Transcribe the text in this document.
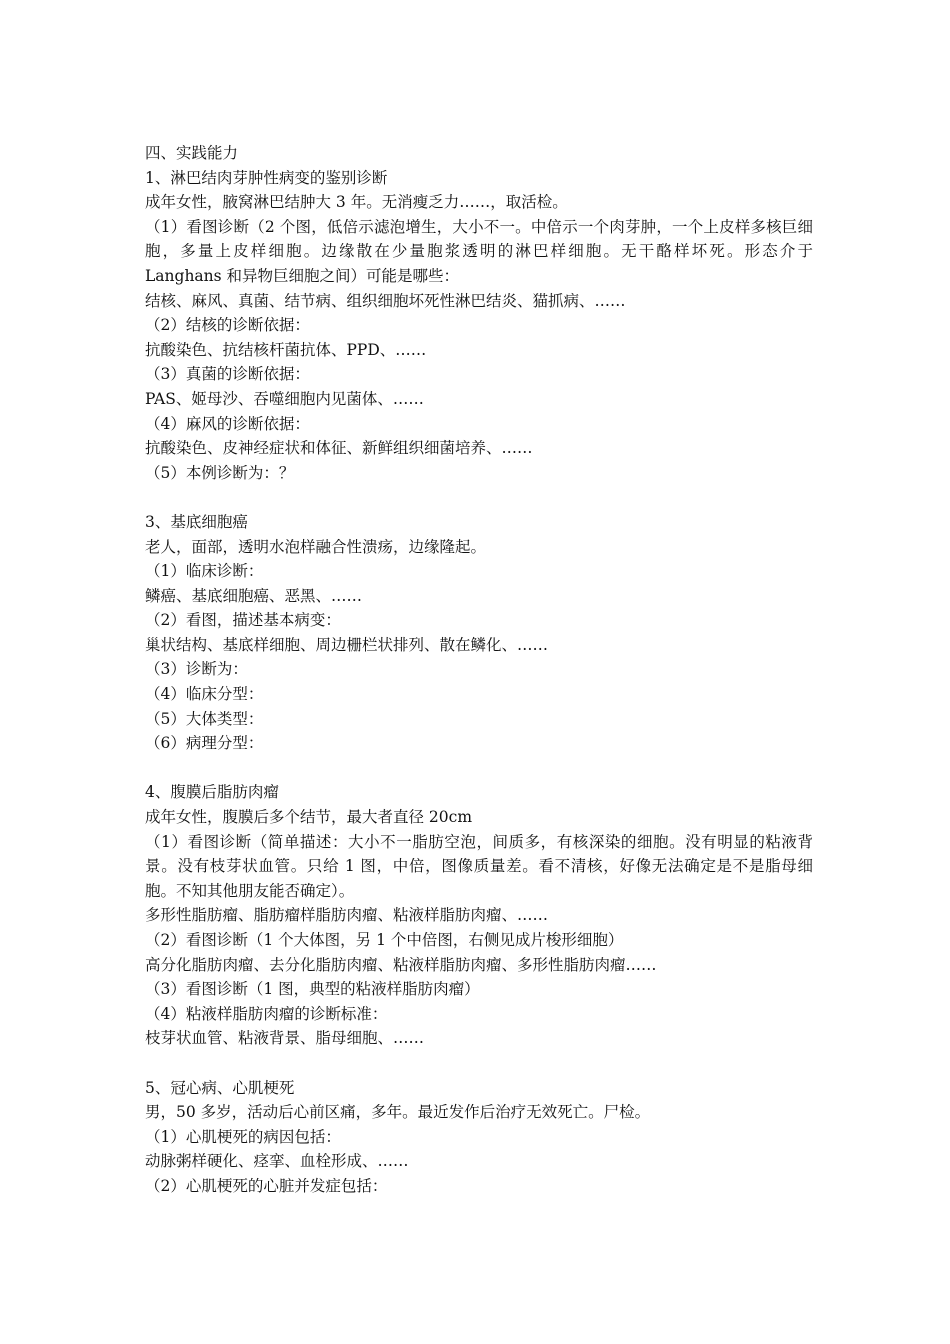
四、实践能力
1、淋巴结肉芽肿性病变的鉴别诊断
成年女性，腋窝淋巴结肿大 3 年。无消瘦乏力……，取活检。
（1）看图诊断（2 个图，低倍示滤泡增生，大小不一。中倍示一个肉芽肿，一个上皮样多核巨细胞，多量上皮样细胞。边缘散在少量胞浆透明的淋巴样细胞。无干酪样坏死。形态介于 Langhans 和异物巨细胞之间）可能是哪些：
结核、麻风、真菌、结节病、组织细胞坏死性淋巴结炎、猫抓病、……
（2）结核的诊断依据：
抗酸染色、抗结核杆菌抗体、PPD、……
（3）真菌的诊断依据：
PAS、姬母沙、吞噬细胞内见菌体、……
（4）麻风的诊断依据：
抗酸染色、皮神经症状和体征、新鲜组织细菌培养、……
（5）本例诊断为：？
3、基底细胞癌
老人，面部，透明水泡样融合性溃疡，边缘隆起。
（1）临床诊断：
鳞癌、基底细胞癌、恶黑、……
（2）看图，描述基本病变：
巢状结构、基底样细胞、周边栅栏状排列、散在鳞化、……
（3）诊断为：
（4）临床分型：
（5）大体类型：
（6）病理分型：
4、腹膜后脂肪肉瘤
成年女性，腹膜后多个结节，最大者直径 20cm
（1）看图诊断（简单描述：大小不一脂肪空泡，间质多，有核深染的细胞。没有明显的粘液背景。没有枝芽状血管。只给 1 图，中倍，图像质量差。看不清核，好像无法确定是不是脂母细胞。不知其他朋友能否确定）。
多形性脂肪瘤、脂肪瘤样脂肪肉瘤、粘液样脂肪肉瘤、……
（2）看图诊断（1 个大体图，另 1 个中倍图，右侧见成片梭形细胞）
高分化脂肪肉瘤、去分化脂肪肉瘤、粘液样脂肪肉瘤、多形性脂肪肉瘤……
（3）看图诊断（1 图，典型的粘液样脂肪肉瘤）
（4）粘液样脂肪肉瘤的诊断标准：
枝芽状血管、粘液背景、脂母细胞、……
5、冠心病、心肌梗死
男，50 多岁，活动后心前区痛，多年。最近发作后治疗无效死亡。尸检。
（1）心肌梗死的病因包括：
动脉粥样硬化、痉挛、血栓形成、……
（2）心肌梗死的心脏并发症包括：
